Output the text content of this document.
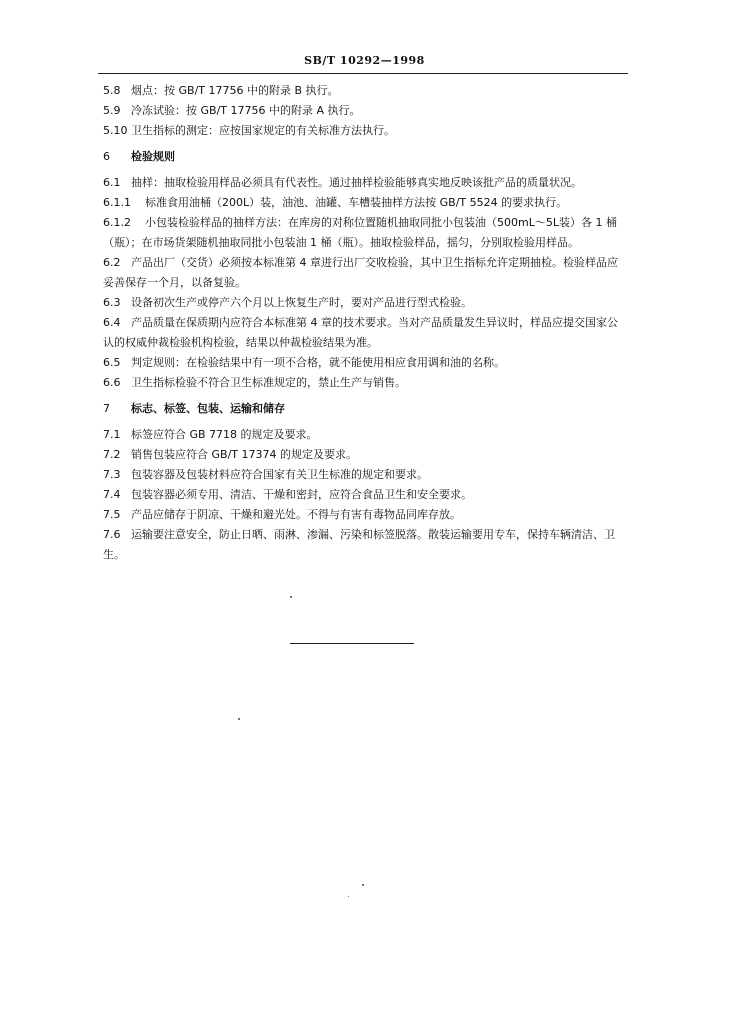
SB/T 10292—1998

5.8 烟点：按 GB/T 17756 中的附录 B 执行。

5.9 冷冻试验：按 GB/T 17756 中的附录 A 执行。

5.10 卫生指标的测定：应按国家规定的有关标准方法执行。

6 检验规则

6.1 抽样：抽取检验用样品必须具有代表性。通过抽样检验能够真实地反映该批产品的质量状况。

6.1.1 标准食用油桶（200L）装，油池、油罐、车槽装抽样方法按 GB/T 5524 的要求执行。

6.1.2 小包装检验样品的抽样方法：在库房的对称位置随机抽取同批小包装油（500mL～5L装）各 1 桶（瓶）；在市场货架随机抽取同批小包装油 1 桶（瓶）。抽取检验样品，摇匀，分别取检验用样品。

6.2 产品出厂（交货）必须按本标准第 4 章进行出厂交收检验，其中卫生指标允许定期抽检。检验样品应妥善保存一个月，以备复验。

6.3 设备初次生产或停产六个月以上恢复生产时，要对产品进行型式检验。

6.4 产品质量在保质期内应符合本标准第 4 章的技术要求。当对产品质量发生异议时，样品应提交国家公认的权威仲裁检验机构检验，结果以仲裁检验结果为准。

6.5 判定规则：在检验结果中有一项不合格，就不能使用相应食用调和油的名称。

6.6 卫生指标检验不符合卫生标准规定的，禁止生产与销售。

7 标志、标签、包装、运输和储存

7.1 标签应符合 GB 7718 的规定及要求。

7.2 销售包装应符合 GB/T 17374 的规定及要求。

7.3 包装容器及包装材料应符合国家有关卫生标准的规定和要求。

7.4 包装容器必须专用、清洁、干燥和密封，应符合食品卫生和安全要求。

7.5 产品应储存于阴凉、干燥和避光处。不得与有害有毒物品同库存放。

7.6 运输要注意安全，防止日晒、雨淋、渗漏、污染和标签脱落。散装运输要用专车，保持车辆清洁、卫生。
